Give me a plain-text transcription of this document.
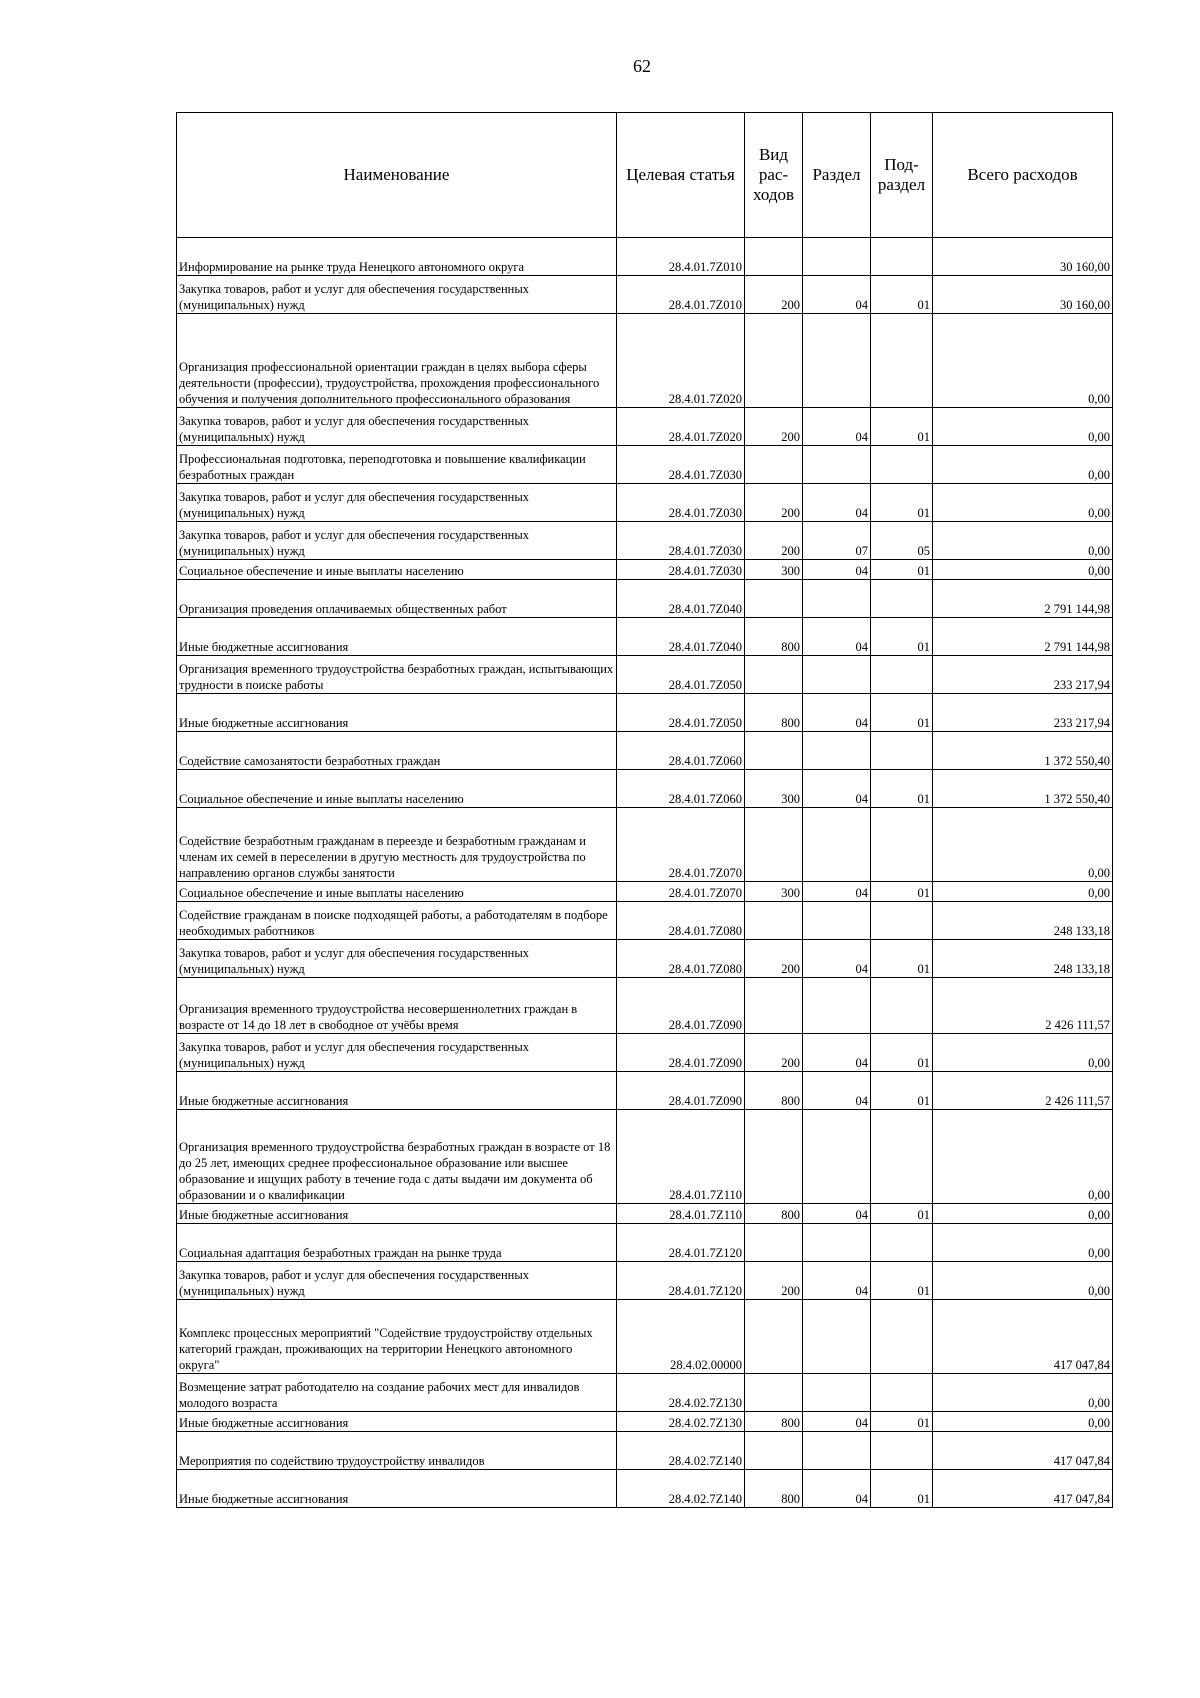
62
Наименование	Целевая статья	Вид рас- ходов	Раздел	Под- раздел	Всего расходов
Информирование на рынке труда Ненецкого автономного округа	28.4.01.7Z010				30 160,00
Закупка товаров, работ и услуг для обеспечения государственных (муниципальных) нужд	28.4.01.7Z010	200	04	01	30 160,00
Организация профессиональной ориентации граждан в целях выбора сферы деятельности (профессии), трудоустройства, прохождения профессионального обучения и получения дополнительного профессионального образования	28.4.01.7Z020				0,00
Закупка товаров, работ и услуг для обеспечения государственных (муниципальных) нужд	28.4.01.7Z020	200	04	01	0,00
Профессиональная подготовка, переподготовка и повышение квалификации безработных граждан	28.4.01.7Z030				0,00
Закупка товаров, работ и услуг для обеспечения государственных (муниципальных) нужд	28.4.01.7Z030	200	04	01	0,00
Закупка товаров, работ и услуг для обеспечения государственных (муниципальных) нужд	28.4.01.7Z030	200	07	05	0,00
Социальное обеспечение и иные выплаты населению	28.4.01.7Z030	300	04	01	0,00
Организация проведения оплачиваемых общественных работ	28.4.01.7Z040				2 791 144,98
Иные бюджетные ассигнования	28.4.01.7Z040	800	04	01	2 791 144,98
Организация временного трудоустройства безработных граждан, испытывающих трудности в поиске работы	28.4.01.7Z050				233 217,94
Иные бюджетные ассигнования	28.4.01.7Z050	800	04	01	233 217,94
Содействие самозанятости безработных граждан	28.4.01.7Z060				1 372 550,40
Социальное обеспечение и иные выплаты населению	28.4.01.7Z060	300	04	01	1 372 550,40
Содействие безработным гражданам в переезде и безработным гражданам и членам их семей в переселении в другую местность для трудоустройства по направлению органов службы занятости	28.4.01.7Z070				0,00
Социальное обеспечение и иные выплаты населению	28.4.01.7Z070	300	04	01	0,00
Содействие гражданам в поиске подходящей работы, а работодателям в подборе необходимых работников	28.4.01.7Z080				248 133,18
Закупка товаров, работ и услуг для обеспечения государственных (муниципальных) нужд	28.4.01.7Z080	200	04	01	248 133,18
Организация временного трудоустройства несовершеннолетних граждан в возрасте от 14 до 18 лет в свободное от учёбы время	28.4.01.7Z090				2 426 111,57
Закупка товаров, работ и услуг для обеспечения государственных (муниципальных) нужд	28.4.01.7Z090	200	04	01	0,00
Иные бюджетные ассигнования	28.4.01.7Z090	800	04	01	2 426 111,57
Организация временного трудоустройства безработных граждан в возрасте от 18 до 25 лет, имеющих среднее профессиональное образование или высшее образование и ищущих работу в течение года с даты выдачи им документа об образовании и о квалификации	28.4.01.7Z110				0,00
Иные бюджетные ассигнования	28.4.01.7Z110	800	04	01	0,00
Социальная адаптация безработных граждан на рынке труда	28.4.01.7Z120				0,00
Закупка товаров, работ и услуг для обеспечения государственных (муниципальных) нужд	28.4.01.7Z120	200	04	01	0,00
Комплекс процессных мероприятий "Содействие трудоустройству отдельных категорий граждан, проживающих на территории Ненецкого автономного округа"	28.4.02.00000				417 047,84
Возмещение затрат работодателю на создание рабочих мест для инвалидов молодого возраста	28.4.02.7Z130				0,00
Иные бюджетные ассигнования	28.4.02.7Z130	800	04	01	0,00
Мероприятия по содействию трудоустройству инвалидов	28.4.02.7Z140				417 047,84
Иные бюджетные ассигнования	28.4.02.7Z140	800	04	01	417 047,84
